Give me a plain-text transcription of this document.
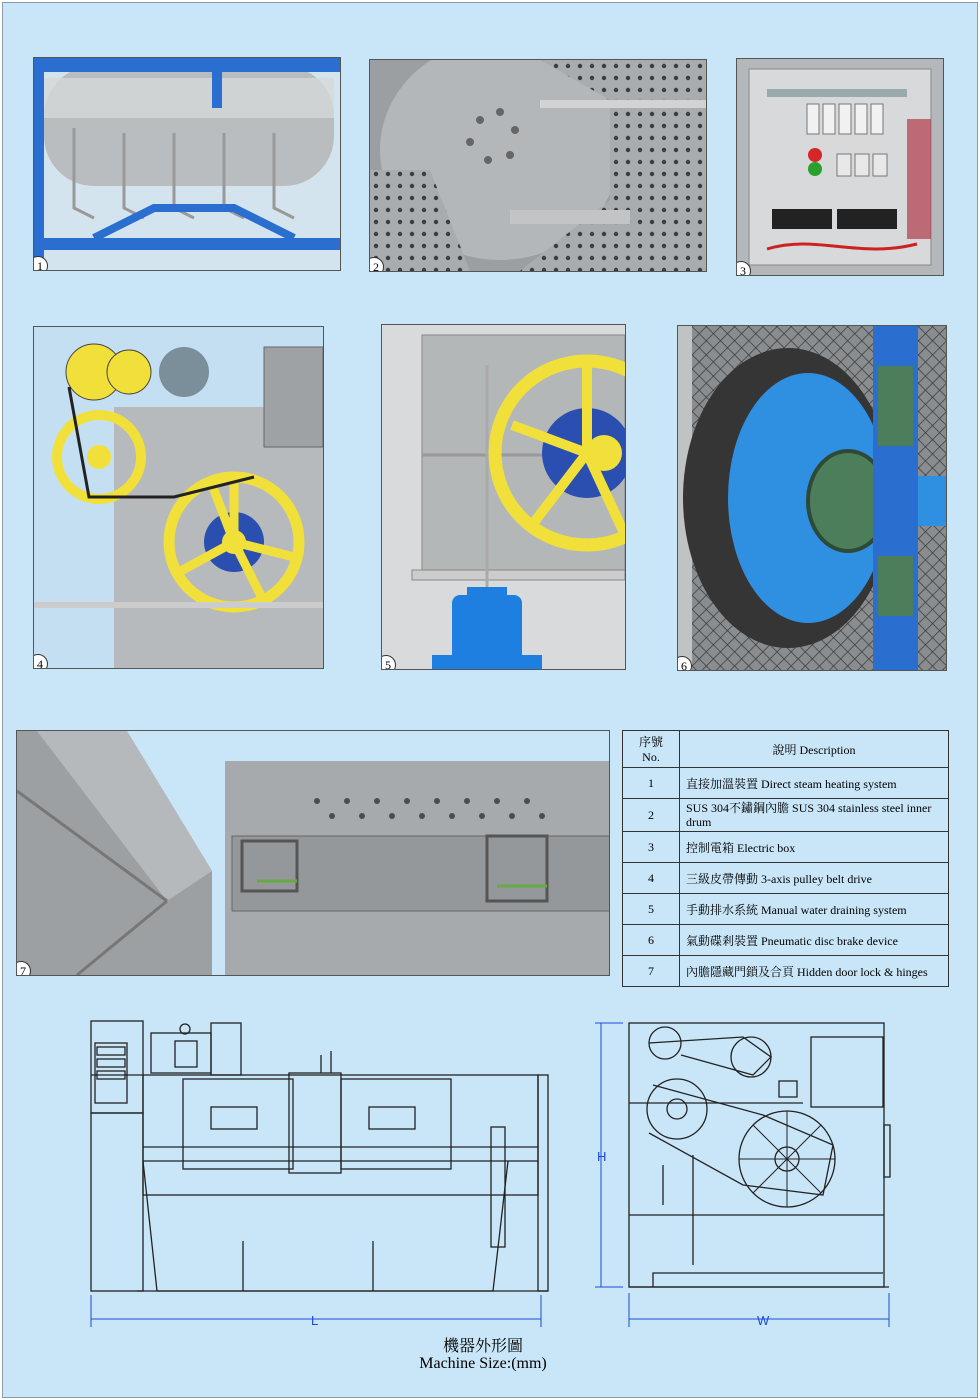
1	2	3
4	5	6
7
序號 No.	說明 Description
1	直接加溫裝置 Direct steam heating system
2	SUS 304不鏽鋼內膽 SUS 304 stainless steel inner drum
3	控制電箱 Electric box
4	三級皮帶傳動 3-axis pulley belt drive
5	手動排水系統 Manual water draining system
6	氣動碟剎裝置 Pneumatic disc brake device
7	內膽隱藏門鎖及合頁 Hidden door lock & hinges
L
H
W
機器外形圖
Machine Size:(mm)
